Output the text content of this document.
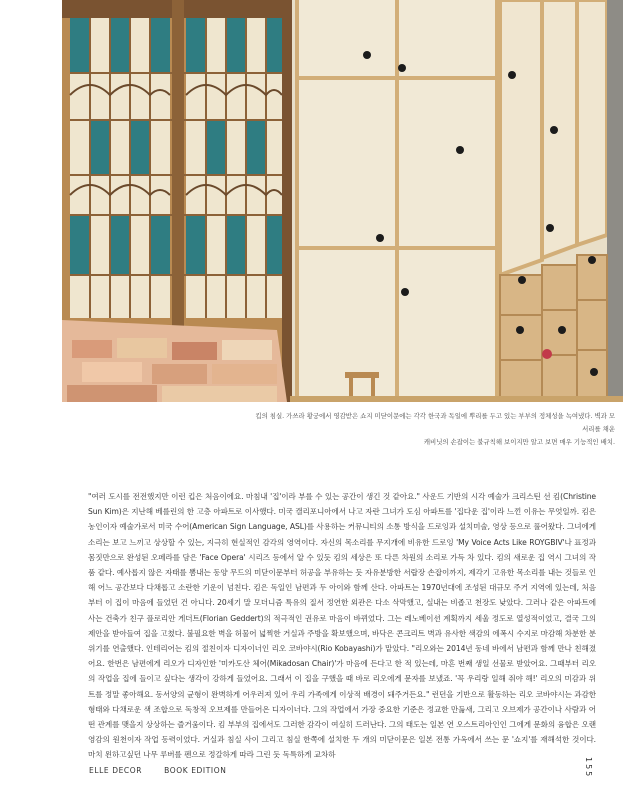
킵의 침실. 가쓰라 황궁에서 영감받은 쇼지 미닫이문에는 각각 한국과 독일에 뿌리를 두고 있는 부부의 정체성을 녹여냈다. 벽과 모서리를 채운
캐비닛의 손잡이는 불규칙해 보이지만 알고 보면 매우 기능적인 배치.
"여러 도시를 전전했지만 이런 킵은 처음이에요. 마침내 '집'이라 부를 수 있는 공간이 생긴 것 같아요." 사운드 기반의 시각 예술가 크리스틴 선 킴(Christine Sun Kim)은 지난해 베를린의 한 고층 아파트로 이사했다. 미국 캘리포니아에서 나고 자란 그녀가 도심 아파트를 '집다운 집'이라 느낀 이유는 무엇일까. 킴은 농인이자 예술가로서 미국 수어(American Sign Language, ASL)를 사용하는 커뮤니티의 소통 방식을 드로잉과 설치미술, 영상 등으로 풀어왔다. 그녀에게 소리는 보고 느끼고 상상할 수 있는, 지극히 현실적인 감각의 영역이다. 자신의 목소리를 무지개에 비유한 드로잉 'My Voice Acts Like ROYGBIV'나 표정과 몸짓만으로 완성된 오페라를 담은 'Face Opera' 시리즈 등에서 알 수 있듯 킴의 세상은 또 다른 차원의 소리로 가득 차 있다. 킴의 새로운 집 역시 그녀의 작품 같다. 예사롭지 않은 자태를 뽐내는 동양 무드의 미닫이문부터 허공을 부유하는 듯 자유분방한 서랍장 손잡이까지, 제각기 고유한 목소리를 내는 것들로 인해 어느 공간보다 다채롭고 소란한 기운이 넘친다. 킴은 독일인 남편과 두 아이와 함께 산다. 아파트는 1970년대에 조성된 대규모 주거 지역에 있는데, 처음부터 이 집이 마음에 들었던 건 아니다. 20세기 말 모더니즘 특유의 질서 정연한 외관은 다소 삭막했고, 실내는 비좁고 천장도 낮았다. 그러나 같은 아파트에 사는 건축가 친구 플로리안 게더트(Florian Geddert)의 적극적인 권유로 마음이 바뀌었다. 그는 레노베이션 계획까지 세울 정도로 열성적이었고, 결국 그의 제안을 받아들여 집을 고쳤다. 불필요한 벽을 허물어 넓찍한 거실과 주방을 확보했으며, 바닥은 콘크리트 벽과 유사한 색감의 에폭시 수지로 마감해 차분한 분위기를 연출했다. 인테리어는 킴의 절친이자 디자이너인 리오 코바야시(Rio Kobayashi)가 맡았다. "리오와는 2014년 동네 바에서 남편과 함께 만나 친해졌어요. 한번은 남편에게 리오가 디자인한 '미카도산 체어(Mikadosan Chair)'가 마음에 든다고 한 적 있는데, 마흔 번째 생일 선물로 받았어요. 그때부터 리오의 작업을 집에 들이고 싶다는 생각이 강하게 들었어요. 그래서 이 집을 구했을 때 바로 리오에게 문자를 보냈죠. '꼭 우리랑 일해 줘야 해!' 리오의 미감과 위트를 정말 좋아해요. 동서양의 균형이 완벽하게 어우러져 있어 우리 가족에게 이상적 배경이 돼주거든요." 런던을 기반으로 활동하는 리오 코바야시는 과감한 형태와 다채로운 색 조합으로 독창적 오브제를 만들어온 디자이너다. 그의 작업에서 가장 중요한 기준은 정교한 만듦새, 그리고 오브제가 공간이나 사람과 어떤 관계를 맺을지 상상하는 즐거움이다. 킴 부부의 집에서도 그러한 감각이 여실히 드러난다. 그의 태도는 일본 연 오스트리아인인 그에게 문화의 융합은 오랜 영감의 원천이자 작업 동력이었다. 거실과 침실 사이 그리고 침실 한쪽에 설치한 두 개의 미닫이문은 일본 전통 가옥에서 쓰는 문 '쇼지'를 재해석한 것이다. 마치 왼하고싶던 나무 루버를 펜으로 정갈하게 따라 그린 듯 독특하게 교차하
ELLE DECOR	BOOK EDITION	155
